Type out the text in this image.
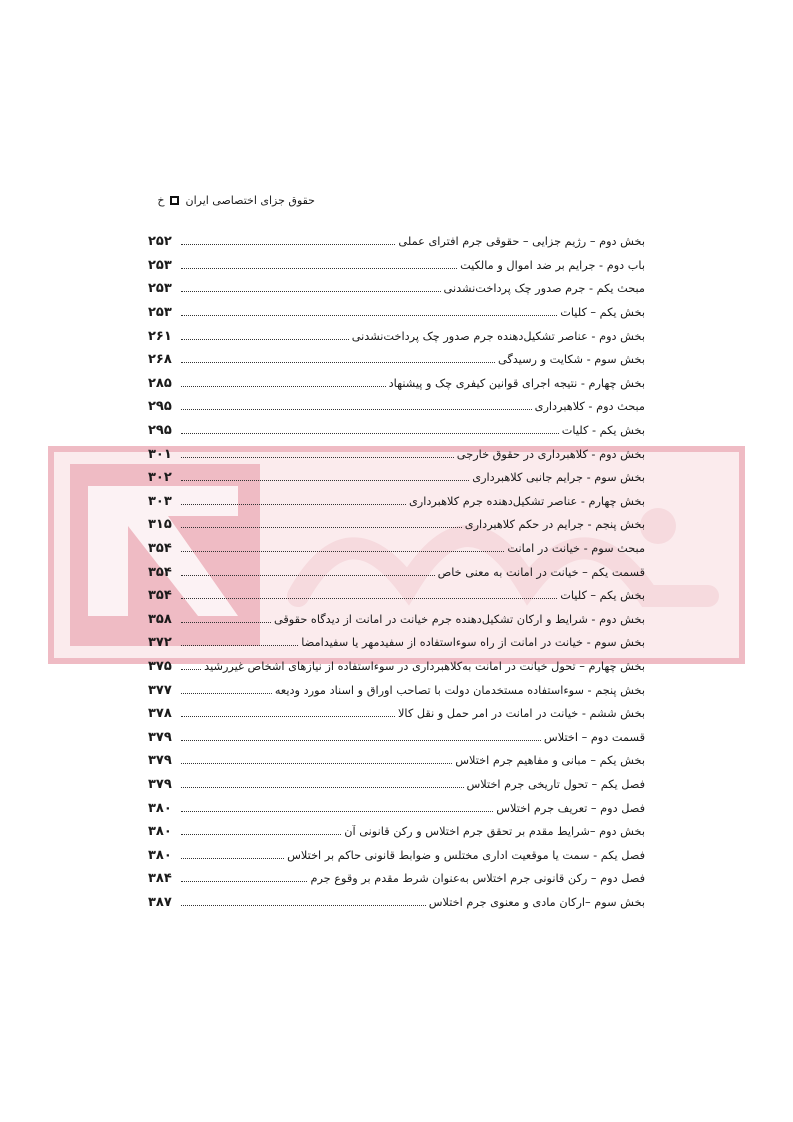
حقوق جزای اختصاصی ایران
خ
بخش دوم – رژیم جزایی – حقوقی جرم افترای عملی
۲۵۲
باب دوم - جرایم بر ضد اموال و مالکیت
۲۵۳
مبحث یکم - جرم صدور چک پرداخت‌نشدنی
۲۵۳
بخش یکم – کلیات
۲۵۳
بخش دوم - عناصر تشکیل‌دهنده جرم صدور چک پرداخت‌نشدنی
۲۶۱
بخش سوم - شکایت و رسیدگی
۲۶۸
بخش چهارم - نتیجه اجرای قوانین کیفری چک و پیشنهاد
۲۸۵
مبحث دوم - کلاهبرداری
۲۹۵
بخش یکم - کلیات
۲۹۵
بخش دوم - کلاهبرداری در حقوق خارجی
۳۰۱
بخش سوم - جرایم جانبی کلاهبرداری
۳۰۲
بخش چهارم - عناصر تشکیل‌دهنده جرم کلاهبرداری
۳۰۳
بخش پنجم - جرایم در حکم کلاهبرداری
۳۱۵
مبحث سوم - خیانت در امانت
۳۵۴
قسمت یکم – خیانت در امانت به معنی خاص
۳۵۴
بخش یکم – کلیات
۳۵۴
بخش دوم - شرایط و ارکان تشکیل‌دهنده جرم خیانت در امانت از دیدگاه حقوقی
۳۵۸
بخش سوم - خیانت در امانت از راه سوءاستفاده از سفیدمهر یا سفیدامضا
۳۷۲
بخش چهارم – تحول خیانت در امانت به‌کلاهبرداری در سوءاستفاده از نیازهای اشخاص غیررشید
۳۷۵
بخش پنجم - سوءاستفاده مستخدمان دولت با تصاحب اوراق و اسناد مورد ودیعه
۳۷۷
بخش ششم - خیانت در امانت در امر حمل و نقل کالا
۳۷۸
قسمت دوم – اختلاس
۳۷۹
بخش یکم – مبانی و مفاهیم جرم اختلاس
۳۷۹
فصل یکم – تحول تاریخی جرم اختلاس
۳۷۹
فصل دوم – تعریف جرم اختلاس
۳۸۰
بخش دوم –شرایط مقدم بر تحقق جرم اختلاس و رکن قانونی آن
۳۸۰
فصل یکم - سمت یا موقعیت اداری مختلس و ضوابط قانونی حاکم بر اختلاس
۳۸۰
فصل دوم – رکن قانونی جرم اختلاس به‌عنوان شرط مقدم بر وقوع جرم
۳۸۴
بخش سوم –ارکان مادی و معنوی جرم اختلاس
۳۸۷
